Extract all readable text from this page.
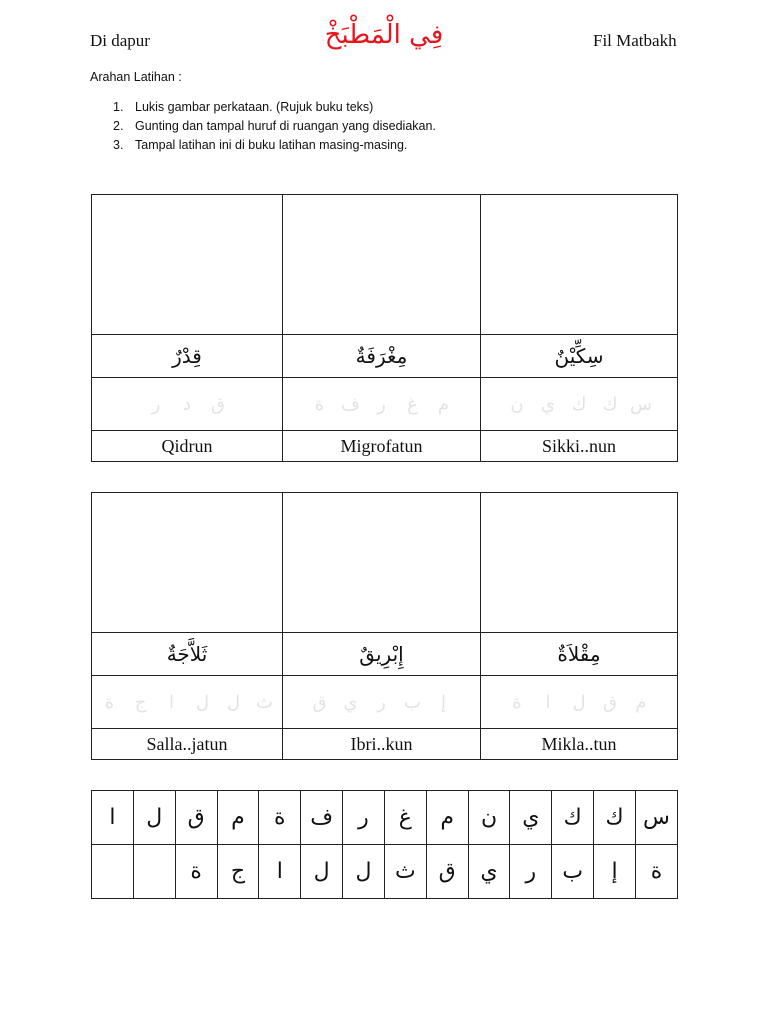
Di dapur	فِي الْمَطْبَخْ	Fil Matbakh
Arahan Latihan :
1. Lukis gambar perkataan. (Rujuk buku teks)
2. Gunting dan tampal huruf di ruangan yang disediakan.
3. Tampal latihan ini di buku latihan masing-masing.

قِدْرٌ	مِغْرَفَةٌ	سِكِّيْنٌ
ر د ق	ة ف ر غ م	ن ي ك ك س
Qidrun	Migrofatun	Sikki..nun

ثَلاَّجَةٌ	إِبْرِيقٌ	مِقْلاَةٌ
ة ج ا ل ل ث	ق ي ر ب إ	ة ا ل ق م
Salla..jatun	Ibri..kun	Mikla..tun
ا	ل	ق	م	ة	ف	ر	غ	م	ن	ي	ك	ك	س
		ة	ج	ا	ل	ل	ث	ق	ي	ر	ب	إ	ة
